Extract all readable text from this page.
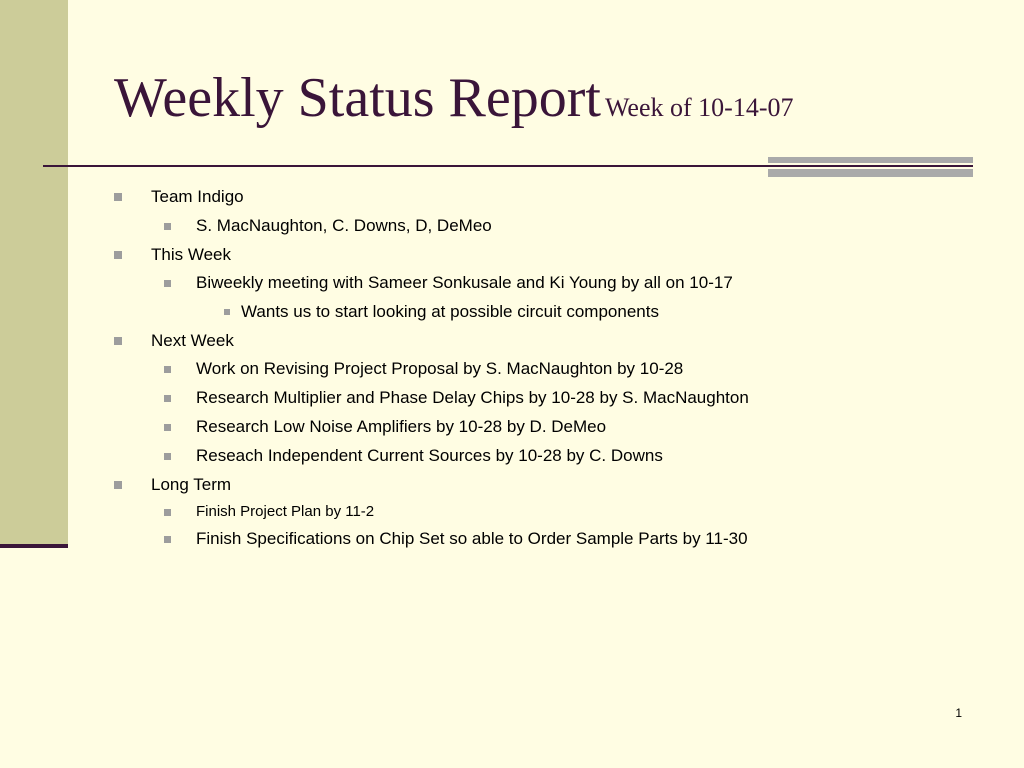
Weekly Status Report Week of 10-14-07
Team Indigo
S. MacNaughton, C. Downs, D, DeMeo
This Week
Biweekly meeting with Sameer Sonkusale and Ki Young by all on 10-17
Wants us to start looking at possible circuit components
Next Week
Work on Revising Project Proposal by S. MacNaughton by 10-28
Research Multiplier and Phase Delay Chips by 10-28 by S. MacNaughton
Research Low Noise Amplifiers by 10-28 by D. DeMeo
Reseach Independent Current Sources by 10-28 by C. Downs
Long Term
Finish Project Plan by 11-2
Finish Specifications on Chip Set so able to Order Sample Parts by 11-30
1
